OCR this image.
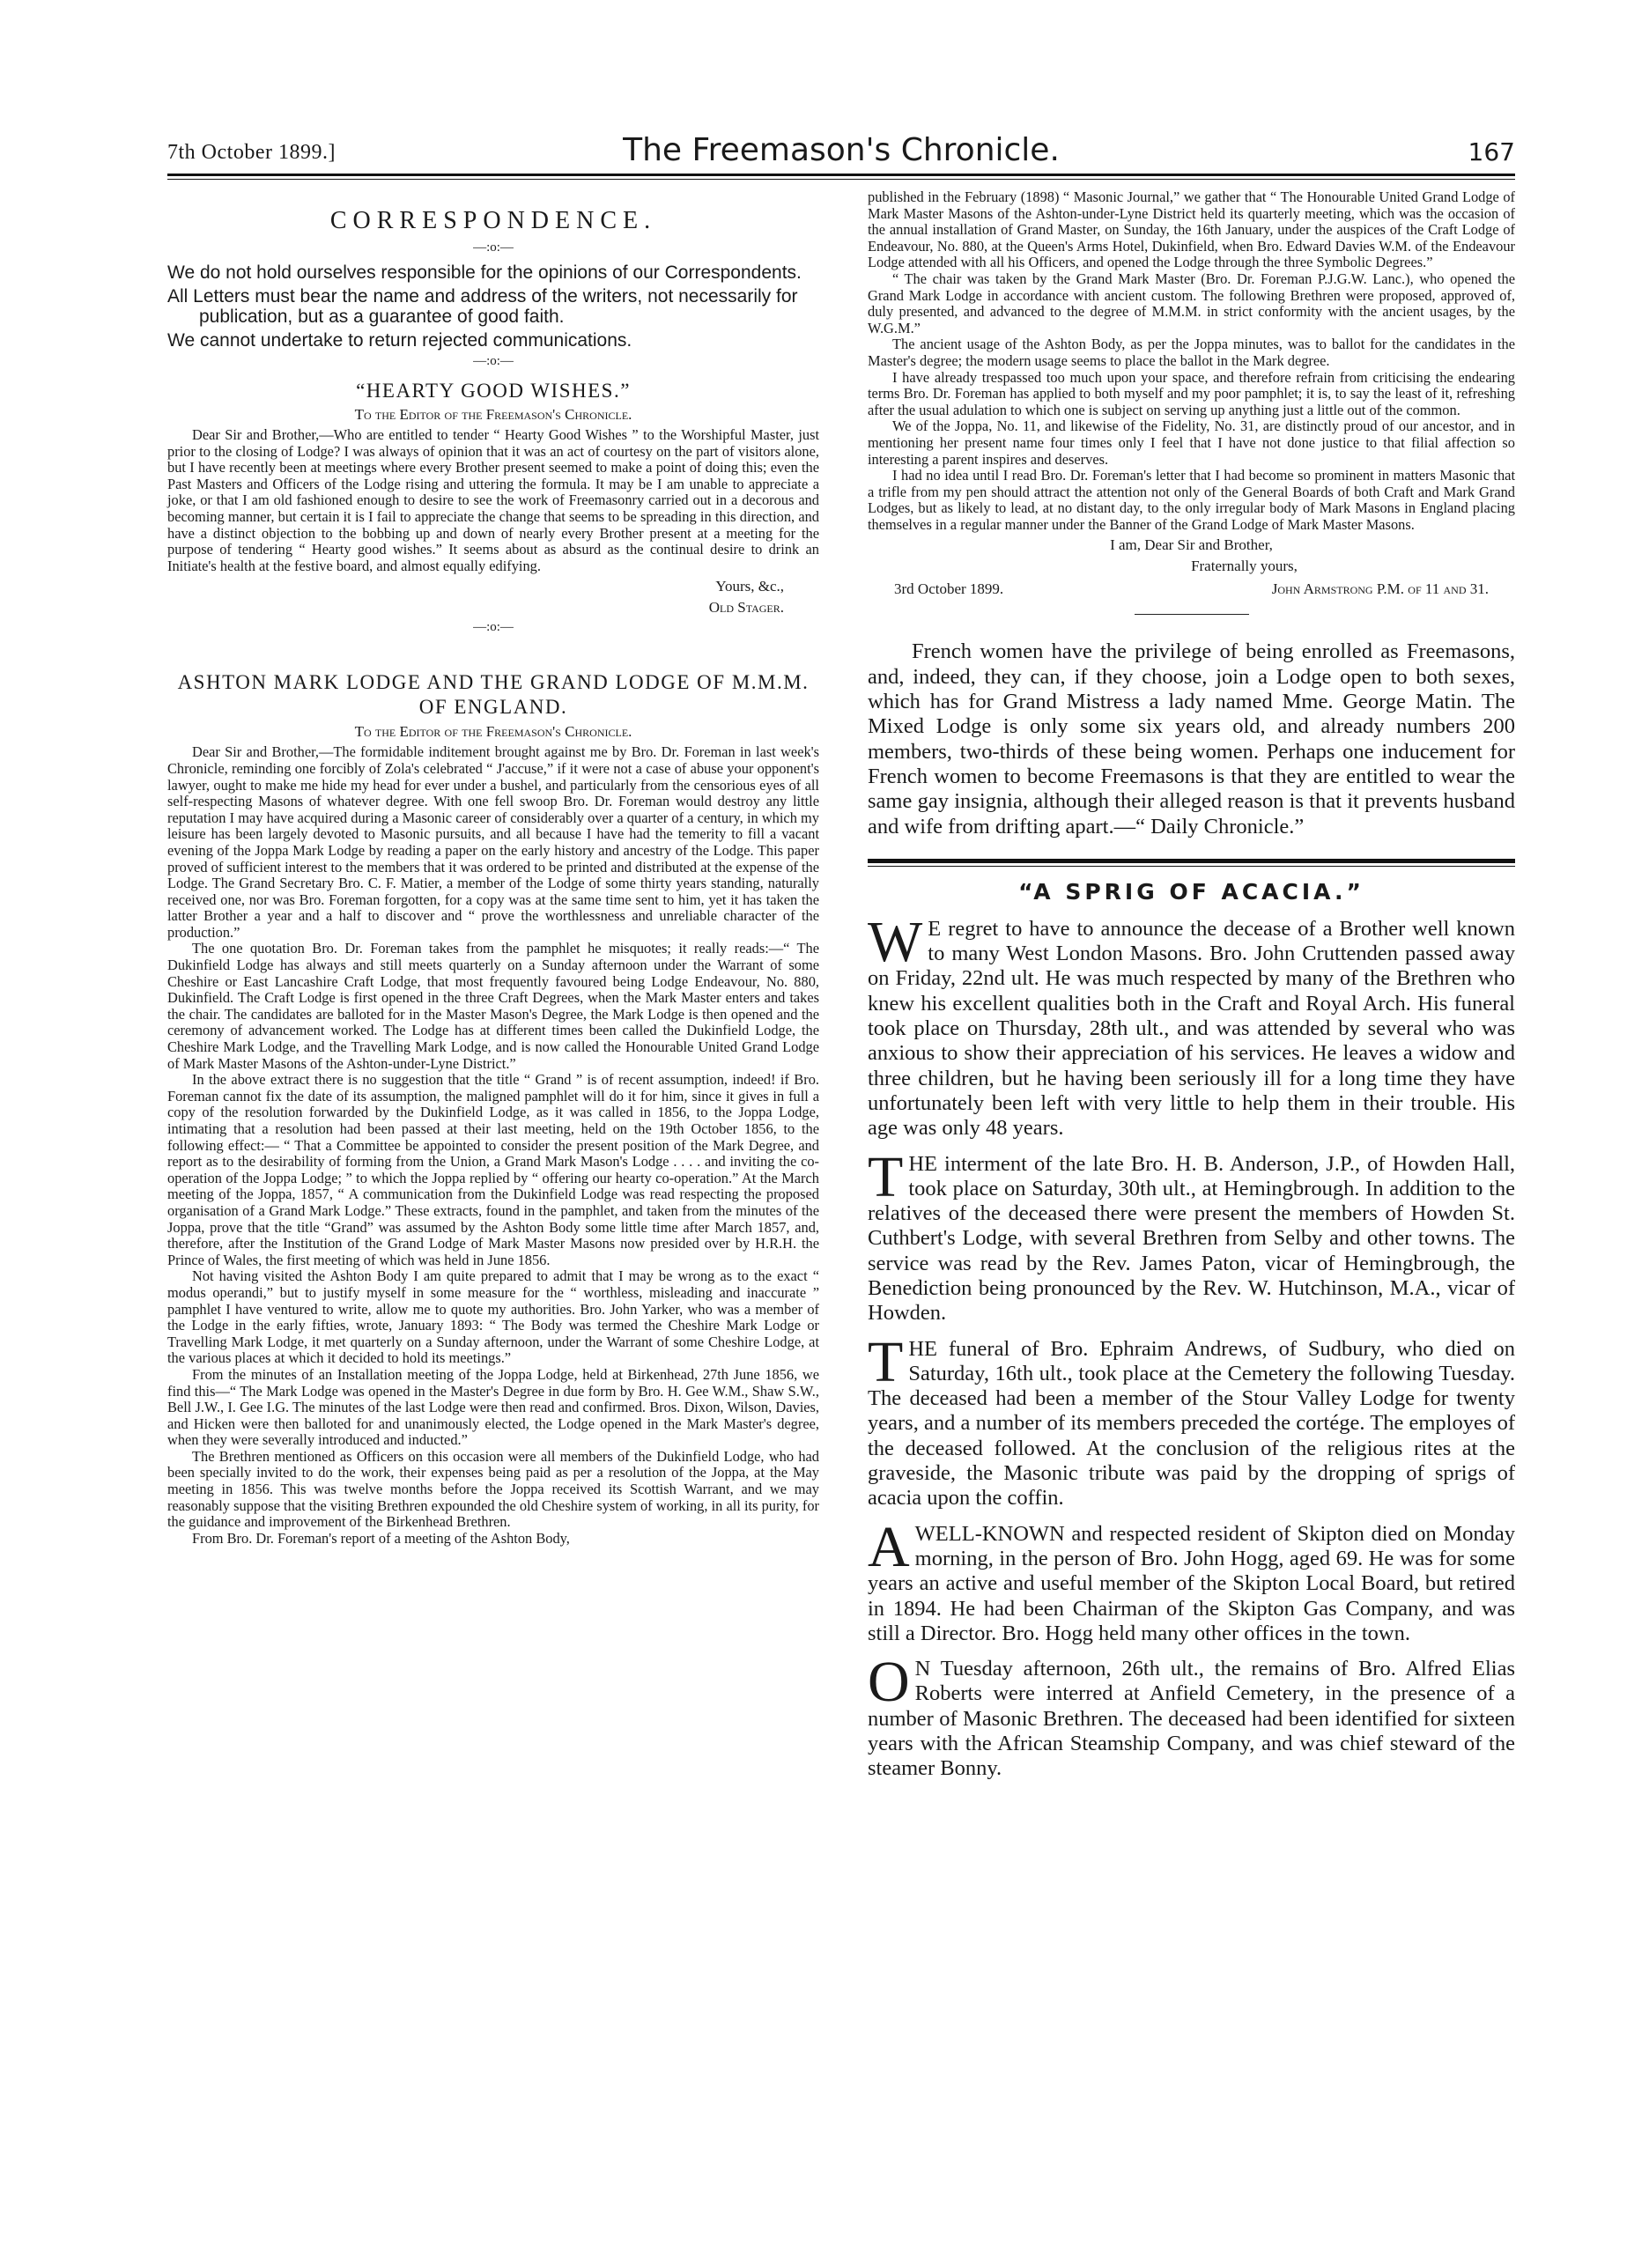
7th October 1899.]	The Freemason's Chronicle.	167
CORRESPONDENCE.
—:o:—

We do not hold ourselves responsible for the opinions of our Correspondents.

All Letters must bear the name and address of the writers, not necessarily for publication, but as a guarantee of good faith.

We cannot undertake to return rejected communications.

—:o:—
“HEARTY GOOD WISHES.”
To the Editor of the Freemason's Chronicle.

Dear Sir and Brother,—Who are entitled to tender “ Hearty Good Wishes ” to the Worshipful Master, just prior to the closing of Lodge? I was always of opinion that it was an act of courtesy on the part of visitors alone, but I have recently been at meetings where every Brother present seemed to make a point of doing this; even the Past Masters and Officers of the Lodge rising and uttering the formula. It may be I am unable to appreciate a joke, or that I am old fashioned enough to desire to see the work of Freemasonry carried out in a decorous and becoming manner, but certain it is I fail to appreciate the change that seems to be spreading in this direction, and have a distinct objection to the bobbing up and down of nearly every Brother present at a meeting for the purpose of tendering “ Hearty good wishes.” It seems about as absurd as the continual desire to drink an Initiate's health at the festive board, and almost equally edifying.

Yours, &c.,
Old Stager.
—:o:—
ASHTON MARK LODGE AND THE GRAND LODGE OF M.M.M. OF ENGLAND.
To the Editor of the Freemason's Chronicle.

Dear Sir and Brother,—The formidable inditement brought against me by Bro. Dr. Foreman in last week's Chronicle, reminding one forcibly of Zola's celebrated “ J'accuse,” if it were not a case of abuse your opponent's lawyer, ought to make me hide my head for ever under a bushel, and particularly from the censorious eyes of all self-respecting Masons of whatever degree. With one fell swoop Bro. Dr. Foreman would destroy any little reputation I may have acquired during a Masonic career of considerably over a quarter of a century, in which my leisure has been largely devoted to Masonic pursuits, and all because I have had the temerity to fill a vacant evening of the Joppa Mark Lodge by reading a paper on the early history and ancestry of the Lodge. This paper proved of sufficient interest to the members that it was ordered to be printed and distributed at the expense of the Lodge. The Grand Secretary Bro. C. F. Matier, a member of the Lodge of some thirty years standing, naturally received one, nor was Bro. Foreman forgotten, for a copy was at the same time sent to him, yet it has taken the latter Brother a year and a half to discover and “ prove the worthlessness and unreliable character of the production.”

The one quotation Bro. Dr. Foreman takes from the pamphlet he misquotes; it really reads:—“ The Dukinfield Lodge has always and still meets quarterly on a Sunday afternoon under the Warrant of some Cheshire or East Lancashire Craft Lodge, that most frequently favoured being Lodge Endeavour, No. 880, Dukinfield. The Craft Lodge is first opened in the three Craft Degrees, when the Mark Master enters and takes the chair. The candidates are balloted for in the Master Mason's Degree, the Mark Lodge is then opened and the ceremony of advancement worked. The Lodge has at different times been called the Dukinfield Lodge, the Cheshire Mark Lodge, and the Travelling Mark Lodge, and is now called the Honourable United Grand Lodge of Mark Master Masons of the Ashton-under-Lyne District.”

In the above extract there is no suggestion that the title “ Grand ” is of recent assumption, indeed! if Bro. Foreman cannot fix the date of its assumption, the maligned pamphlet will do it for him, since it gives in full a copy of the resolution forwarded by the Dukinfield Lodge, as it was called in 1856, to the Joppa Lodge, intimating that a resolution had been passed at their last meeting, held on the 19th October 1856, to the following effect:— “ That a Committee be appointed to consider the present position of the Mark Degree, and report as to the desirability of forming from the Union, a Grand Mark Mason's Lodge . . . . and inviting the co-operation of the Joppa Lodge; ” to which the Joppa replied by “ offering our hearty co-operation.” At the March meeting of the Joppa, 1857, “ A communication from the Dukinfield Lodge was read respecting the proposed organisation of a Grand Mark Lodge.” These extracts, found in the pamphlet, and taken from the minutes of the Joppa, prove that the title “Grand” was assumed by the Ashton Body some little time after March 1857, and, therefore, after the Institution of the Grand Lodge of Mark Master Masons now presided over by H.R.H. the Prince of Wales, the first meeting of which was held in June 1856.

Not having visited the Ashton Body I am quite prepared to admit that I may be wrong as to the exact “ modus operandi,” but to justify myself in some measure for the “ worthless, misleading and inaccurate ” pamphlet I have ventured to write, allow me to quote my authorities. Bro. John Yarker, who was a member of the Lodge in the early fifties, wrote, January 1893: “ The Body was termed the Cheshire Mark Lodge or Travelling Mark Lodge, it met quarterly on a Sunday afternoon, under the Warrant of some Cheshire Lodge, at the various places at which it decided to hold its meetings.”

From the minutes of an Installation meeting of the Joppa Lodge, held at Birkenhead, 27th June 1856, we find this—“ The Mark Lodge was opened in the Master's Degree in due form by Bro. H. Gee W.M., Shaw S.W., Bell J.W., I. Gee I.G. The minutes of the last Lodge were then read and confirmed. Bros. Dixon, Wilson, Davies, and Hicken were then balloted for and unanimously elected, the Lodge opened in the Mark Master's degree, when they were severally introduced and inducted.”

The Brethren mentioned as Officers on this occasion were all members of the Dukinfield Lodge, who had been specially invited to do the work, their expenses being paid as per a resolution of the Joppa, at the May meeting in 1856. This was twelve months before the Joppa received its Scottish Warrant, and we may reasonably suppose that the visiting Brethren expounded the old Cheshire system of working, in all its purity, for the guidance and improvement of the Birkenhead Brethren.

From Bro. Dr. Foreman's report of a meeting of the Ashton Body,

published in the February (1898) “ Masonic Journal,” we gather that “ The Honourable United Grand Lodge of Mark Master Masons of the Ashton-under-Lyne District held its quarterly meeting, which was the occasion of the annual installation of Grand Master, on Sunday, the 16th January, under the auspices of the Craft Lodge of Endeavour, No. 880, at the Queen's Arms Hotel, Dukinfield, when Bro. Edward Davies W.M. of the Endeavour Lodge attended with all his Officers, and opened the Lodge through the three Symbolic Degrees.”

“ The chair was taken by the Grand Mark Master (Bro. Dr. Foreman P.J.G.W. Lanc.), who opened the Grand Mark Lodge in accordance with ancient custom. The following Brethren were proposed, approved of, duly presented, and advanced to the degree of M.M.M. in strict conformity with the ancient usages, by the W.G.M.”

The ancient usage of the Ashton Body, as per the Joppa minutes, was to ballot for the candidates in the Master's degree; the modern usage seems to place the ballot in the Mark degree.

I have already trespassed too much upon your space, and therefore refrain from criticising the endearing terms Bro. Dr. Foreman has applied to both myself and my poor pamphlet; it is, to say the least of it, refreshing after the usual adulation to which one is subject on serving up anything just a little out of the common.

We of the Joppa, No. 11, and likewise of the Fidelity, No. 31, are distinctly proud of our ancestor, and in mentioning her present name four times only I feel that I have not done justice to that filial affection so interesting a parent inspires and deserves.

I had no idea until I read Bro. Dr. Foreman's letter that I had become so prominent in matters Masonic that a trifle from my pen should attract the attention not only of the General Boards of both Craft and Mark Grand Lodges, but as likely to lead, at no distant day, to the only irregular body of Mark Masons in England placing themselves in a regular manner under the Banner of the Grand Lodge of Mark Master Masons.

I am, Dear Sir and Brother,
Fraternally yours,
3rd October 1899.	John Armstrong P.M. of 11 and 31.

French women have the privilege of being enrolled as Freemasons, and, indeed, they can, if they choose, join a Lodge open to both sexes, which has for Grand Mistress a lady named Mme. George Matin. The Mixed Lodge is only some six years old, and already numbers 200 members, two-thirds of these being women. Perhaps one inducement for French women to become Freemasons is that they are entitled to wear the same gay insignia, although their alleged reason is that it prevents husband and wife from drifting apart.—“ Daily Chronicle.”

“A SPRIG OF ACACIA.”

W E regret to have to announce the decease of a Brother well known to many West London Masons. Bro. John Cruttenden passed away on Friday, 22nd ult. He was much respected by many of the Brethren who knew his excellent qualities both in the Craft and Royal Arch. His funeral took place on Thursday, 28th ult., and was attended by several who was anxious to show their appreciation of his services. He leaves a widow and three children, but he having been seriously ill for a long time they have unfortunately been left with very little to help them in their trouble. His age was only 48 years.

THE interment of the late Bro. H. B. Anderson, J.P., of Howden Hall, took place on Saturday, 30th ult., at Hemingbrough. In addition to the relatives of the deceased there were present the members of Howden St. Cuthbert's Lodge, with several Brethren from Selby and other towns. The service was read by the Rev. James Paton, vicar of Hemingbrough, the Benediction being pronounced by the Rev. W. Hutchinson, M.A., vicar of Howden.

THE funeral of Bro. Ephraim Andrews, of Sudbury, who died on Saturday, 16th ult., took place at the Cemetery the following Tuesday. The deceased had been a member of the Stour Valley Lodge for twenty years, and a number of its members preceded the cortége. The employes of the deceased followed. At the conclusion of the religious rites at the graveside, the Masonic tribute was paid by the dropping of sprigs of acacia upon the coffin.

A WELL-KNOWN and respected resident of Skipton died on Monday morning, in the person of Bro. John Hogg, aged 69. He was for some years an active and useful member of the Skipton Local Board, but retired in 1894. He had been Chairman of the Skipton Gas Company, and was still a Director. Bro. Hogg held many other offices in the town.

O N Tuesday afternoon, 26th ult., the remains of Bro. Alfred Elias Roberts were interred at Anfield Cemetery, in the presence of a number of Masonic Brethren. The deceased had been identified for sixteen years with the African Steamship Company, and was chief steward of the steamer Bonny.
